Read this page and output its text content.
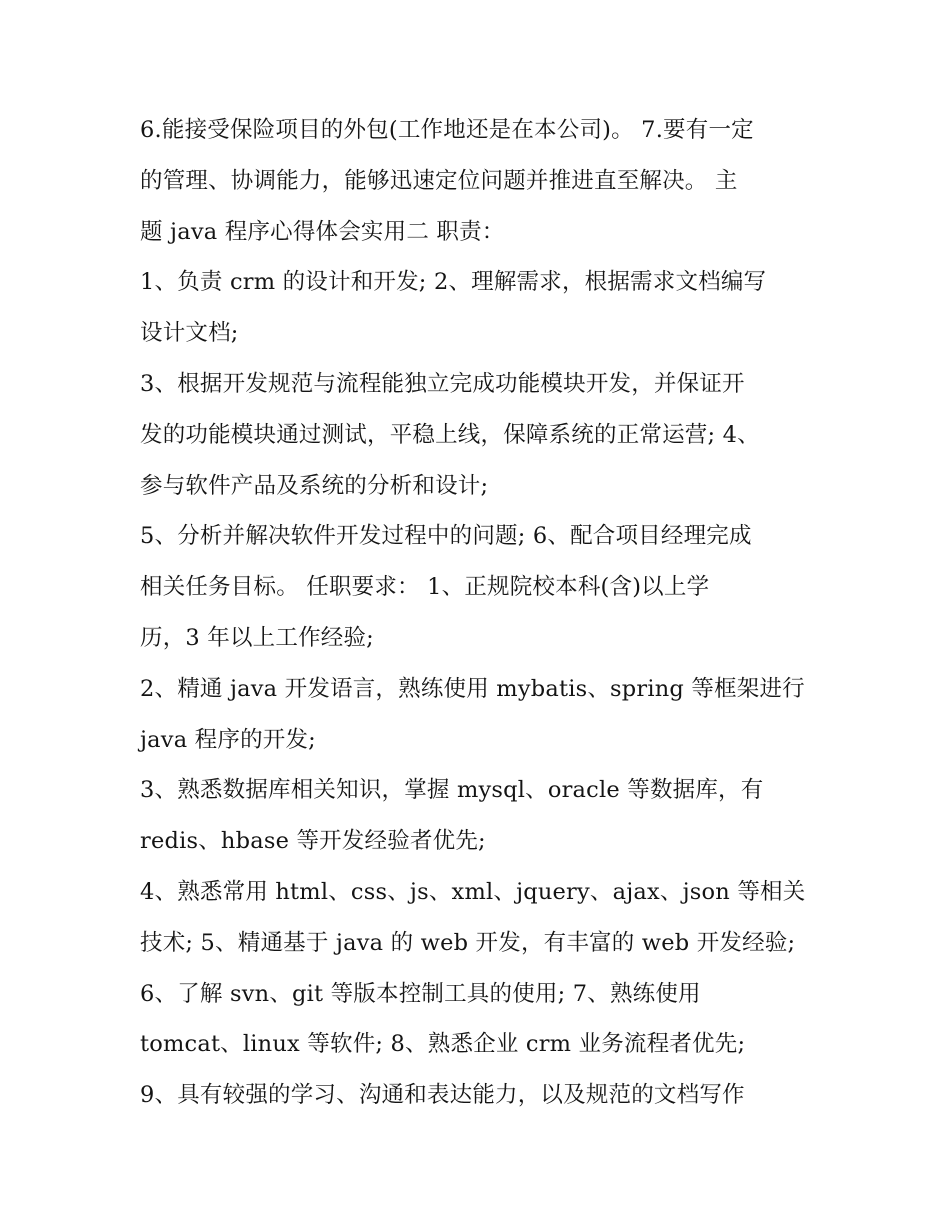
6.能接受保险项目的外包(工作地还是在本公司)。 7.要有一定
的管理、协调能力，能够迅速定位问题并推进直至解决。 主
题 java 程序心得体会实用二 职责：
1、负责 crm 的设计和开发; 2、理解需求，根据需求文档编写
设计文档;
3、根据开发规范与流程能独立完成功能模块开发，并保证开
发的功能模块通过测试，平稳上线，保障系统的正常运营; 4、
参与软件产品及系统的分析和设计;
5、分析并解决软件开发过程中的问题; 6、配合项目经理完成
相关任务目标。 任职要求： 1、正规院校本科(含)以上学
历，3 年以上工作经验;
2、精通 java 开发语言，熟练使用 mybatis、spring 等框架进行
java 程序的开发;
3、熟悉数据库相关知识，掌握 mysql、oracle 等数据库，有
redis、hbase 等开发经验者优先;
4、熟悉常用 html、css、js、xml、jquery、ajax、json 等相关
技术; 5、精通基于 java 的 web 开发，有丰富的 web 开发经验;
6、了解 svn、git 等版本控制工具的使用; 7、熟练使用
tomcat、linux 等软件; 8、熟悉企业 crm 业务流程者优先;
9、具有较强的学习、沟通和表达能力，以及规范的文档写作
